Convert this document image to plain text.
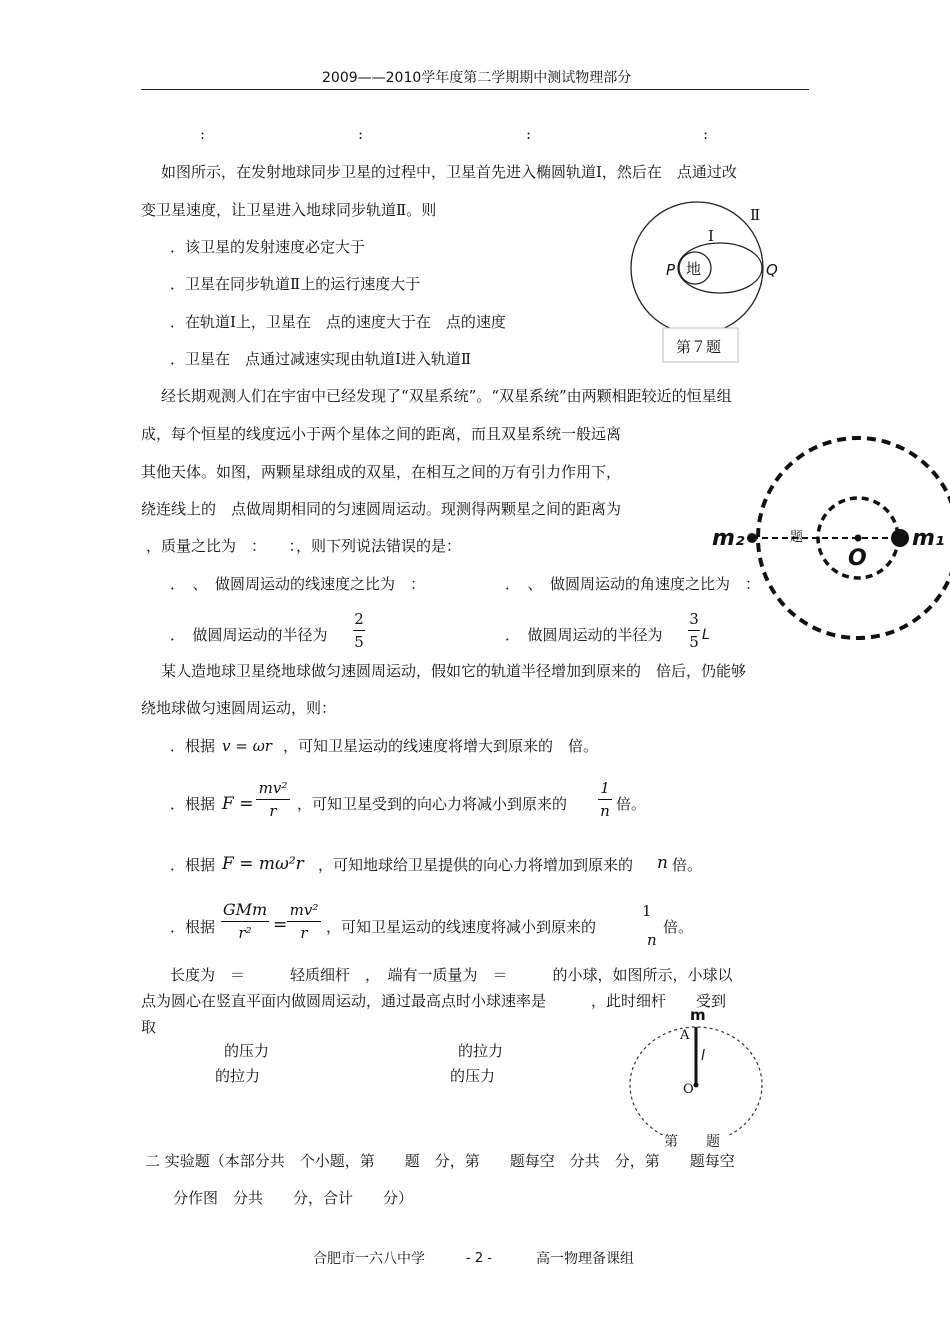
2009——2010学年度第二学期期中测试物理部分
:	:	:	:
如图所示，在发射地球同步卫星的过程中，卫星首先进入椭圆轨道Ⅰ，然后在　点通过改
变卫星速度，让卫星进入地球同步轨道Ⅱ。则
．该卫星的发射速度必定大于
．卫星在同步轨道Ⅱ上的运行速度大于
．在轨道Ⅰ上，卫星在　点的速度大于在　点的速度
．卫星在　点通过减速实现由轨道Ⅰ进入轨道Ⅱ
Ⅱ
Ⅰ
P 地	Q
第７题
经长期观测人们在宇宙中已经发现了“双星系统”。“双星系统”由两颗相距较近的恒星组
成，每个恒星的线度远小于两个星体之间的距离，而且双星系统一般远离
其他天体。如图，两颗星球组成的双星，在相互之间的万有引力作用下，
绕连线上的　点做周期相同的匀速圆周运动。现测得两颗星之间的距离为
，质量之比为　：　　：，则下列说法错误的是：
．　、　做圆周运动的线速度之比为　：	．　、　做圆周运动的角速度之比为　：
．　做圆周运动的半径为
2
5	．　做圆周运动的半径为
3
5 L
m₂	题
O
m₁
某人造地球卫星绕地球做匀速圆周运动，假如它的轨道半径增加到原来的　倍后，仍能够
绕地球做匀速圆周运动，则：
．根据 v = ωr ，可知卫星运动的线速度将增大到原来的　倍。
．根据 F =
mv²
r	，可知卫星受到的向心力将减小到原来的
1
n 倍。
．根据 F = mω²r ，可知地球给卫星提供的向心力将增加到原来的 n 倍。
．根据
GMm
r²	=
mv²
r	，可知卫星运动的线速度将减小到原来的
1
n
倍。
长度为　＝　　　轻质细杆　，　端有一质量为　＝　　　的小球，如图所示，小球以
点为圆心在竖直平面内做圆周运动，通过最高点时小球速率是　　　，此时细杆　　受到
取
的压力	的拉力
的拉力	的压力
m
A
l
O
第　　题
二 实验题（本部分共　个小题，第　　题　分，第　　题每空　分共　分，第　　题每空
分作图　分共　　分，合计　　分）
合肥市一六八中学	- 2 -	高一物理备课组
